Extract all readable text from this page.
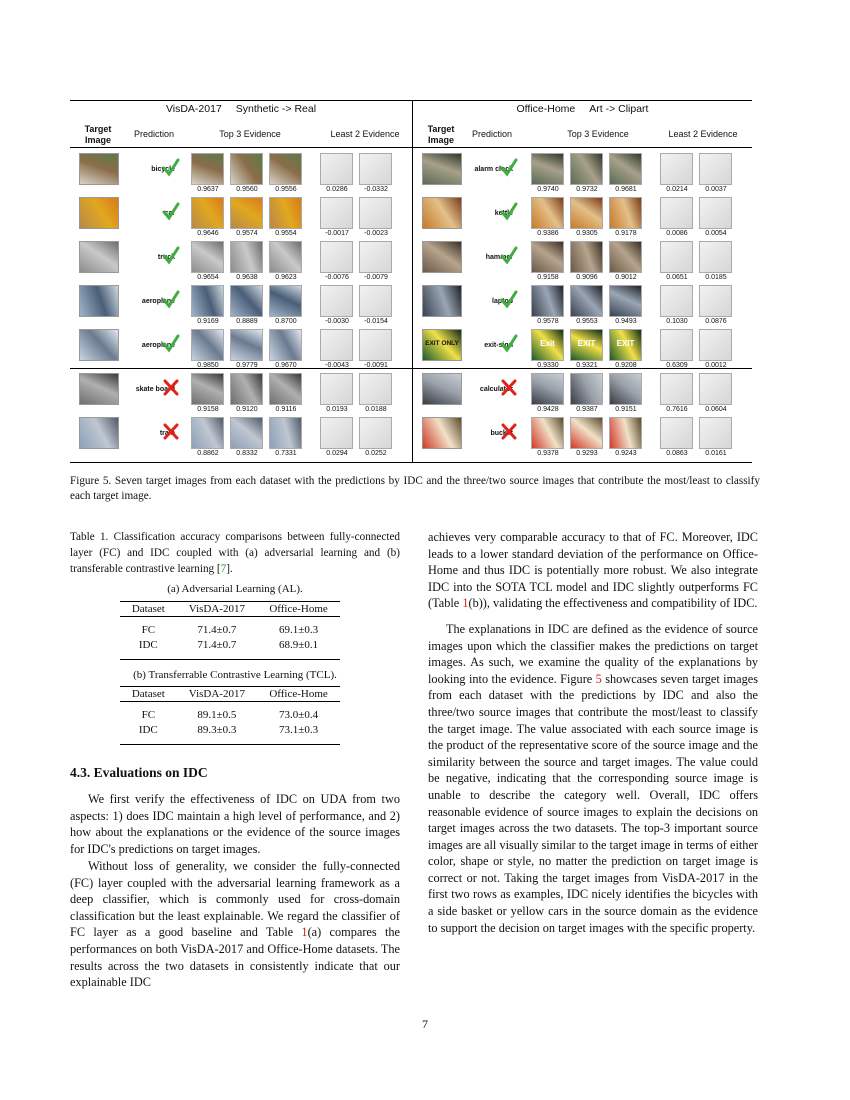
VisDA-2017 Synthetic -> Real
Target Image
Prediction	Top 3 Evidence	Least 2 Evidence
bicycle
0.9637	0.9560	0.9556	0.0286	-0.0332
car
0.9646	0.9574	0.9554	-0.0017	-0.0023
truck
0.9654	0.9638	0.9623	-0.0076	-0.0079
aeroplane
0.9169	0.8889	0.8700	-0.0030	-0.0154
aeroplane
0.9850	0.9779	0.9670	-0.0043	-0.0091
skate board
0.9158	0.9120	0.9116	0.0193	0.0188
train
0.8862	0.8332	0.7331	0.0294	0.0252
Office-Home Art -> Clipart
Target Image
Prediction	Top 3 Evidence	Least 2 Evidence
alarm clock
0.9740	0.9732	0.9681	0.0214	0.0037
kettle
0.9386	0.9305	0.9178	0.0086	0.0054
hammer
0.9158	0.9096	0.9012	0.0651	0.0185
laptop
0.9578	0.9553	0.9493	0.1030	0.0876
exit-sign
0.9330	0.9321	0.9208	0.6309	0.0012
EXIT ONLY	Exit	EXIT	EXIT
calculator
0.9428	0.9387	0.9151	0.7616	0.0604
bucket
0.9378	0.9293	0.9243	0.0863	0.0161
Figure 5. Seven target images from each dataset with the predictions by IDC and the three/two source images that contribute the most/least to classify each target image.
Table 1. Classification accuracy comparisons between fully-connected layer (FC) and IDC coupled with (a) adversarial learning and (b) transferable contrastive learning [7].
(a) Adversarial Learning (AL).
Dataset	VisDA-2017	Office-Home
FC	71.4±0.7	69.1±0.3
IDC	71.4±0.7	68.9±0.1
(b) Transferrable Contrastive Learning (TCL).
Dataset	VisDA-2017	Office-Home
FC	89.1±0.5	73.0±0.4
IDC	89.3±0.3	73.1±0.3
4.3. Evaluations on IDC
We first verify the effectiveness of IDC on UDA from two aspects: 1) does IDC maintain a high level of performance, and 2) how about the explanations or the evidence of the source images for IDC's predictions on target images.
Without loss of generality, we consider the fully-connected (FC) layer coupled with the adversarial learning framework as a deep classifier, which is commonly used for cross-domain classification but the least explainable. We regard the classifier of FC layer as a good baseline and Table 1(a) compares the performances on both VisDA-2017 and Office-Home datasets. The results across the two datasets in consistently indicate that our explainable IDC

achieves very comparable accuracy to that of FC. Moreover, IDC leads to a lower standard deviation of the performance on Office-Home and thus IDC is potentially more robust. We also integrate IDC into the SOTA TCL model and IDC slightly outperforms FC (Table 1(b)), validating the effectiveness and compatibility of IDC.

The explanations in IDC are defined as the evidence of source images upon which the classifier makes the predictions on target images. As such, we examine the quality of the explanations by looking into the evidence. Figure 5 showcases seven target images from each dataset with the predictions by IDC and also the three/two source images that contribute the most/least to classify the target image. The value associated with each source image is the product of the representative score of the source image and the similarity between the source and target images. The value could be negative, indicating that the corresponding source image is unable to describe the category well. Overall, IDC offers reasonable evidence of source images to explain the decisions on target images across the two datasets. The top-3 important source images are all visually similar to the target image in terms of either color, shape or style, no matter the prediction on target image is correct or not. Taking the target images from VisDA-2017 in the first two rows as examples, IDC nicely identifies the bicycles with a side basket or yellow cars in the source domain as the evidence to support the decision on target images with the specific property.

7
